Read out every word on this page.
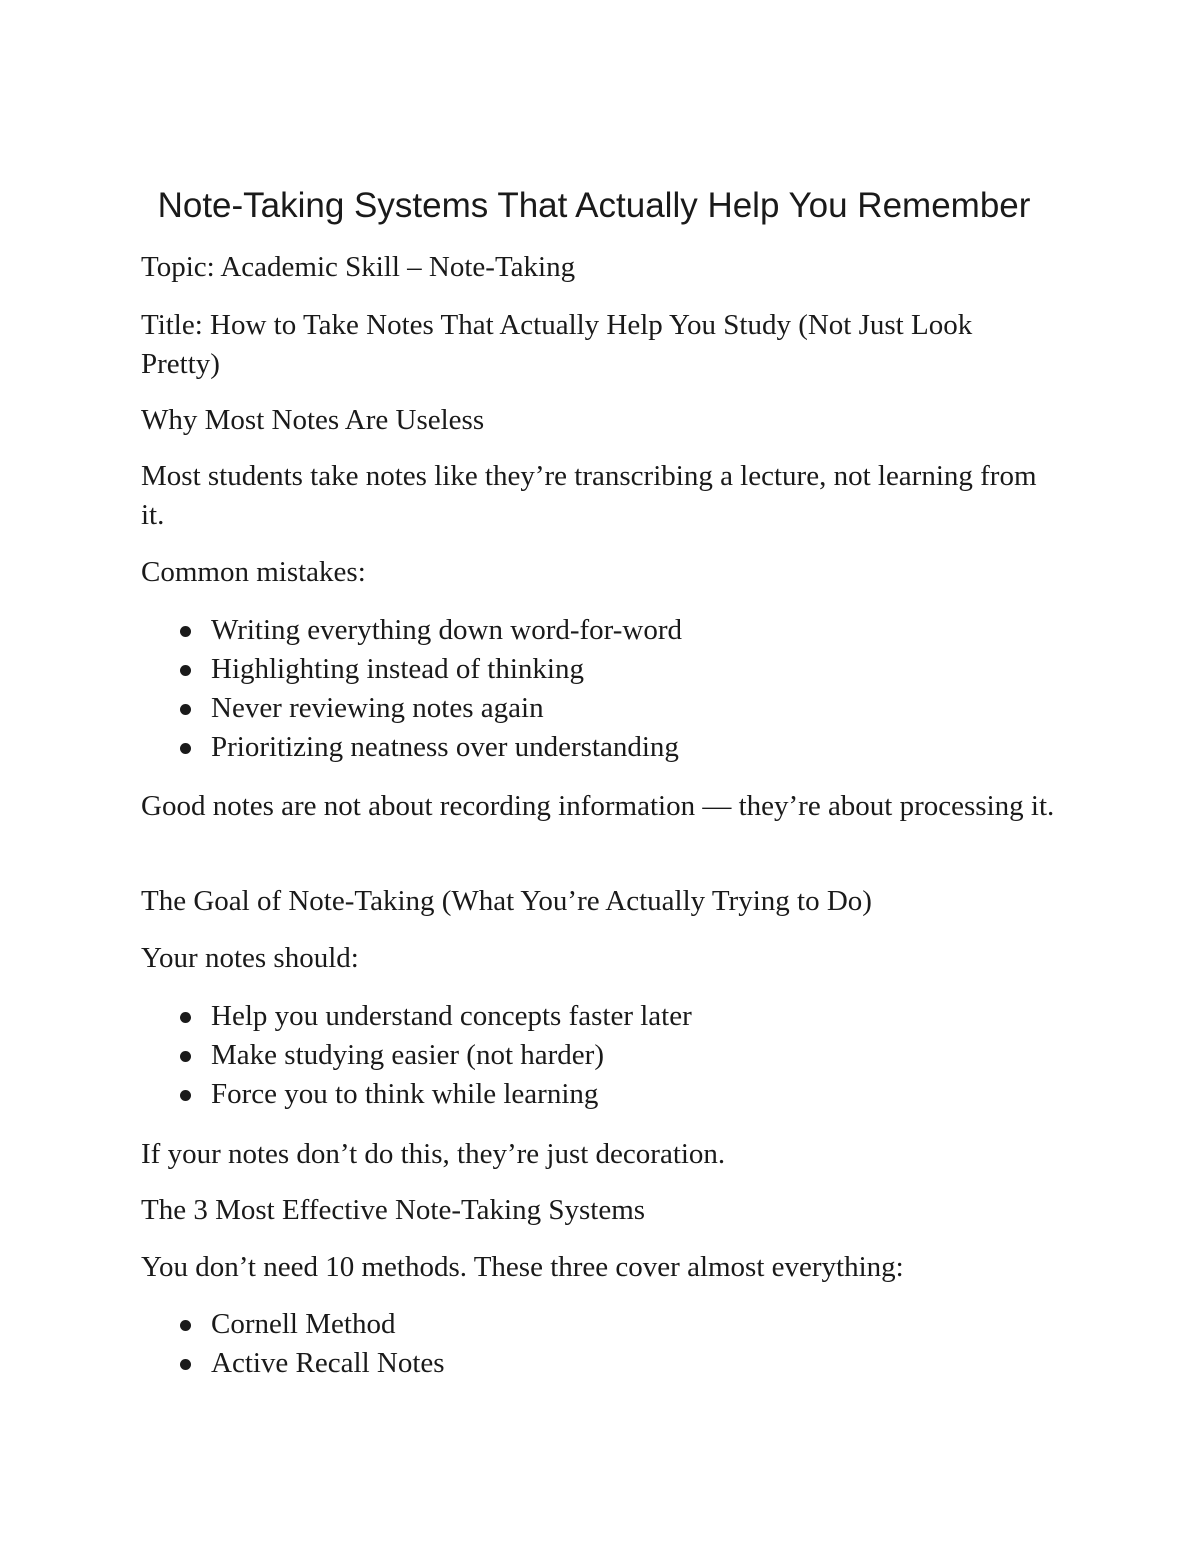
Note-Taking Systems That Actually Help You Remember
Topic: Academic Skill – Note-Taking
Title: How to Take Notes That Actually Help You Study (Not Just Look Pretty)
Why Most Notes Are Useless
Most students take notes like they’re transcribing a lecture, not learning from it.
Common mistakes:
Writing everything down word-for-word
Highlighting instead of thinking
Never reviewing notes again
Prioritizing neatness over understanding
Good notes are not about recording information — they’re about processing it.
The Goal of Note-Taking (What You’re Actually Trying to Do)
Your notes should:
Help you understand concepts faster later
Make studying easier (not harder)
Force you to think while learning
If your notes don’t do this, they’re just decoration.
The 3 Most Effective Note-Taking Systems
You don’t need 10 methods. These three cover almost everything:
Cornell Method
Active Recall Notes
